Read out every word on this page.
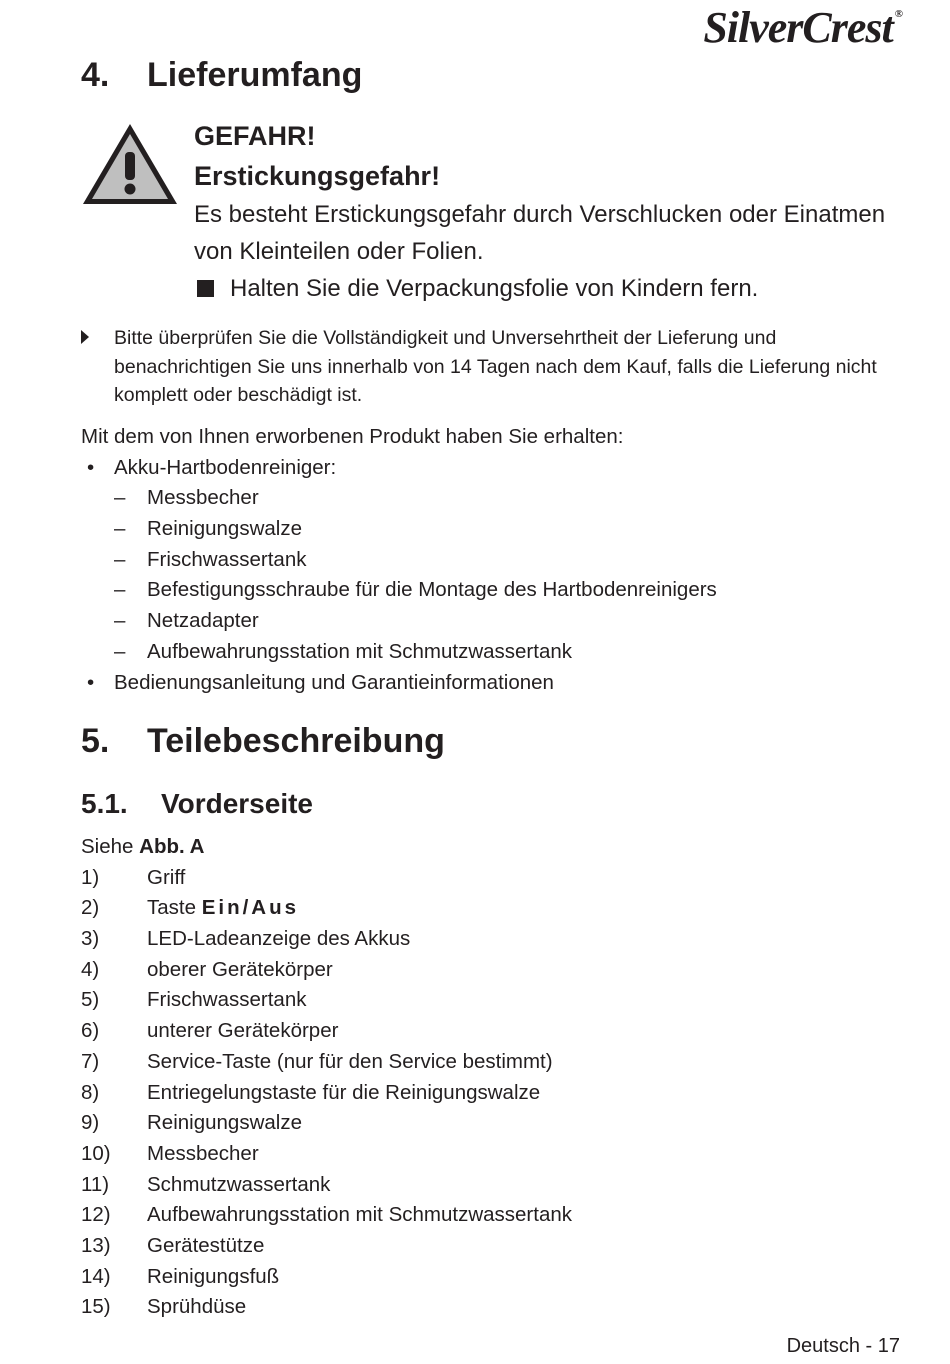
SilverCrest ®
4. Lieferumfang
GEFAHR!
Erstickungsgefahr!
Es besteht Erstickungsgefahr durch Verschlucken oder Einatmen von Kleinteilen oder Folien.
Halten Sie die Verpackungsfolie von Kindern fern.
Bitte überprüfen Sie die Vollständigkeit und Unversehrtheit der Lieferung und benachrichtigen Sie uns innerhalb von 14 Tagen nach dem Kauf, falls die Lieferung nicht komplett oder beschädigt ist.
Mit dem von Ihnen erworbenen Produkt haben Sie erhalten:
• Akku-Hartbodenreiniger:
–	Messbecher
–	Reinigungswalze
–	Frischwassertank
–	Befestigungsschraube für die Montage des Hartbodenreinigers
–	Netzadapter
–	Aufbewahrungsstation mit Schmutzwassertank
• Bedienungsanleitung und Garantieinformationen
5. Teilebeschreibung
5.1. Vorderseite
Siehe
Abb. A
1)	Griff
2)	Taste
Ein/Aus
3)	LED-Ladeanzeige des Akkus
4)	oberer Gerätekörper
5)	Frischwassertank
6)	unterer Gerätekörper
7)	Service-Taste (nur für den Service bestimmt)
8)	Entriegelungstaste für die Reinigungswalze
9)	Reinigungswalze
10)	Messbecher
11)	Schmutzwassertank
12)	Aufbewahrungsstation mit Schmutzwassertank
13)	Gerätestütze
14)	Reinigungsfuß
15)	Sprühdüse
Deutsch - 17
